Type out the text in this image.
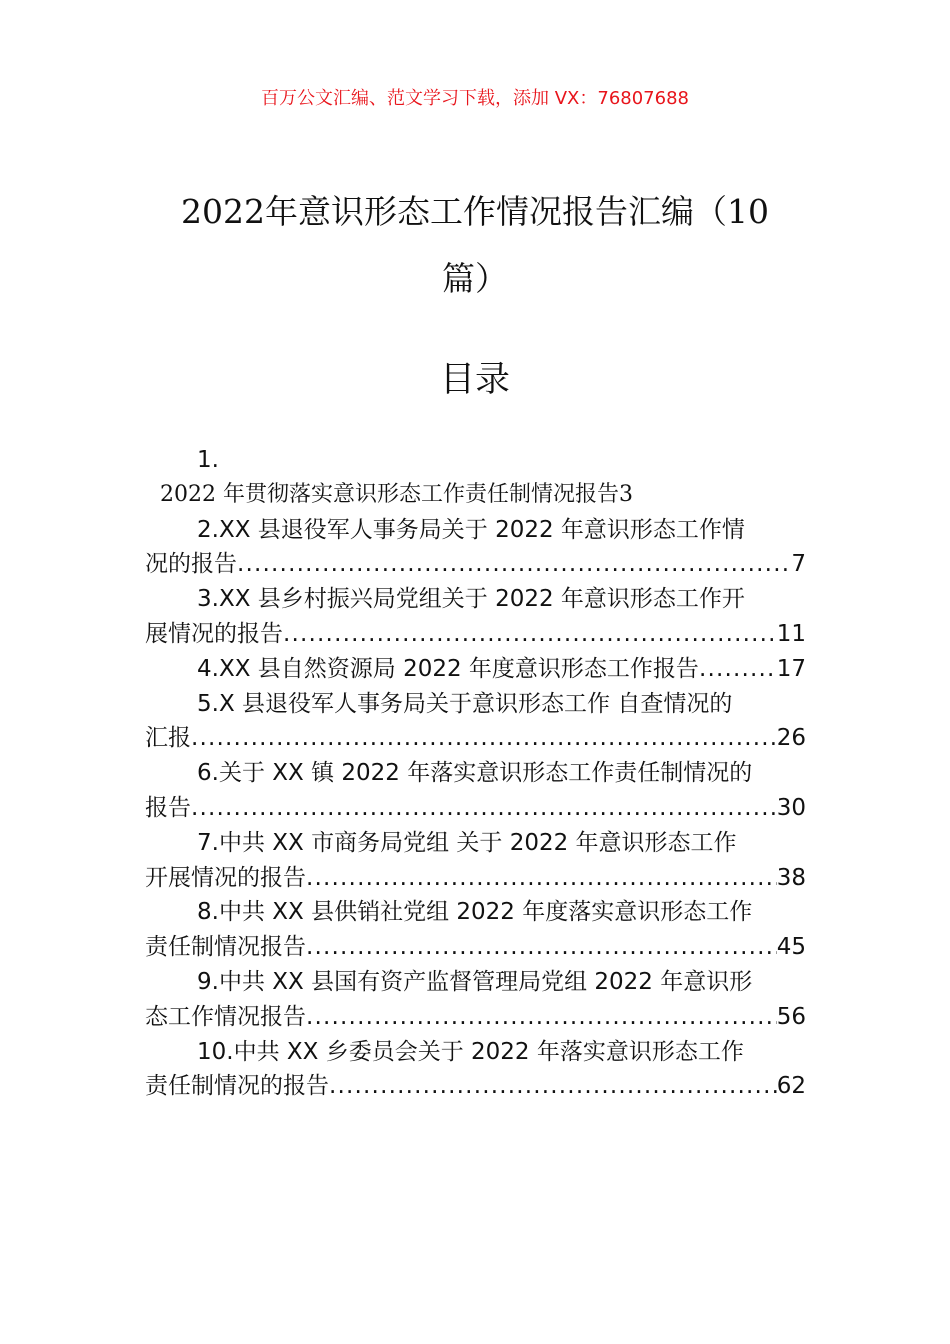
百万公文汇编、范文学习下载，添加 VX：76807688
2022年意识形态工作情况报告汇编（10
篇）
目录
1.
2022 年贯彻落实意识形态工作责任制情况报告 3
2.XX 县退役军人事务局关于 2022 年意识形态工作情
况的报告 .....	7
3.XX 县乡村振兴局党组关于 2022 年意识形态工作开
展情况的报告 .....	11
4.XX 县自然资源局 2022 年度意识形态工作报告 .....	17
5.X 县退役军人事务局关于意识形态工作 自查情况的
汇报 .....	26
6.关于 XX 镇 2022 年落实意识形态工作责任制情况的
报告 .....	30
7.中共 XX 市商务局党组 关于 2022 年意识形态工作
开展情况的报告 .....	38
8.中共 XX 县供销社党组 2022 年度落实意识形态工作
责任制情况报告 .....	45
9.中共 XX 县国有资产监督管理局党组 2022 年意识形
态工作情况报告 .....	56
10.中共 XX 乡委员会关于 2022 年落实意识形态工作
责任制情况的报告 .....	62
